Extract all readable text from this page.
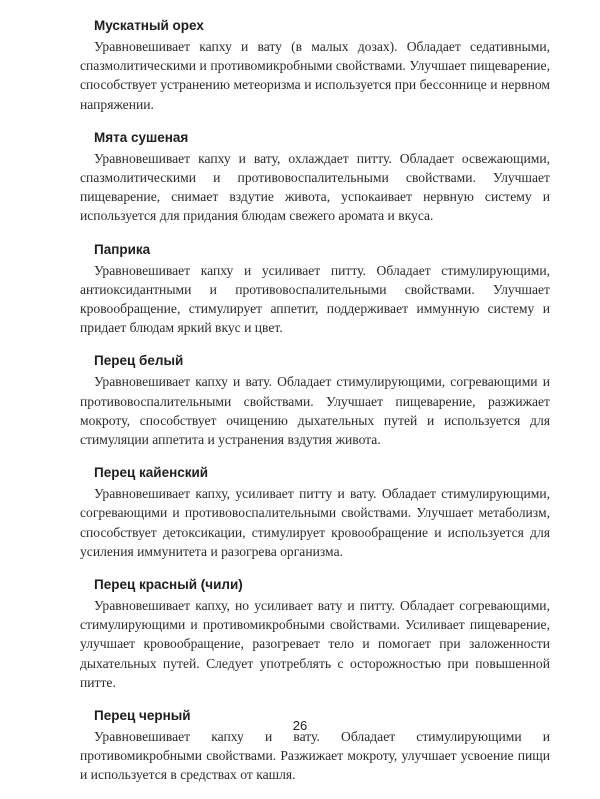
Мускатный орех

Уравновешивает капху и вату (в малых дозах). Обладает седативными, спазмолитическими и противомикробными свойствами. Улучшает пищеварение, способствует устранению метеоризма и используется при бессоннице и нервном напряжении.

Мята сушеная

Уравновешивает капху и вату, охлаждает питту. Обладает освежающими, спазмолитическими и противовоспалительными свойствами. Улучшает пищеварение, снимает вздутие живота, успокаивает нервную систему и используется для придания блюдам свежего аромата и вкуса.

Паприка

Уравновешивает капху и усиливает питту. Обладает стимулирующими, антиоксидантными и противовоспалительными свойствами. Улучшает кровообращение, стимулирует аппетит, поддерживает иммунную систему и придает блюдам яркий вкус и цвет.

Перец белый

Уравновешивает капху и вату. Обладает стимулирующими, согревающими и противовоспалительными свойствами. Улучшает пищеварение, разжижает мокроту, способствует очищению дыхательных путей и используется для стимуляции аппетита и устранения вздутия живота.

Перец кайенский

Уравновешивает капху, усиливает питту и вату. Обладает стимулирующими, согревающими и противовоспалительными свойствами. Улучшает метаболизм, способствует детоксикации, стимулирует кровообращение и используется для усиления иммунитета и разогрева организма.

Перец красный (чили)

Уравновешивает капху, но усиливает вату и питту. Обладает согревающими, стимулирующими и противомикробными свойствами. Усиливает пищеварение, улучшает кровообращение, разогревает тело и помогает при заложенности дыхательных путей. Следует употреблять с осторожностью при повышенной питте.

Перец черный

Уравновешивает капху и вату. Обладает стимулирующими и противомикробными свойствами. Разжижает мокроту, улучшает усвоение пищи и используется в средствах от кашля.

26
